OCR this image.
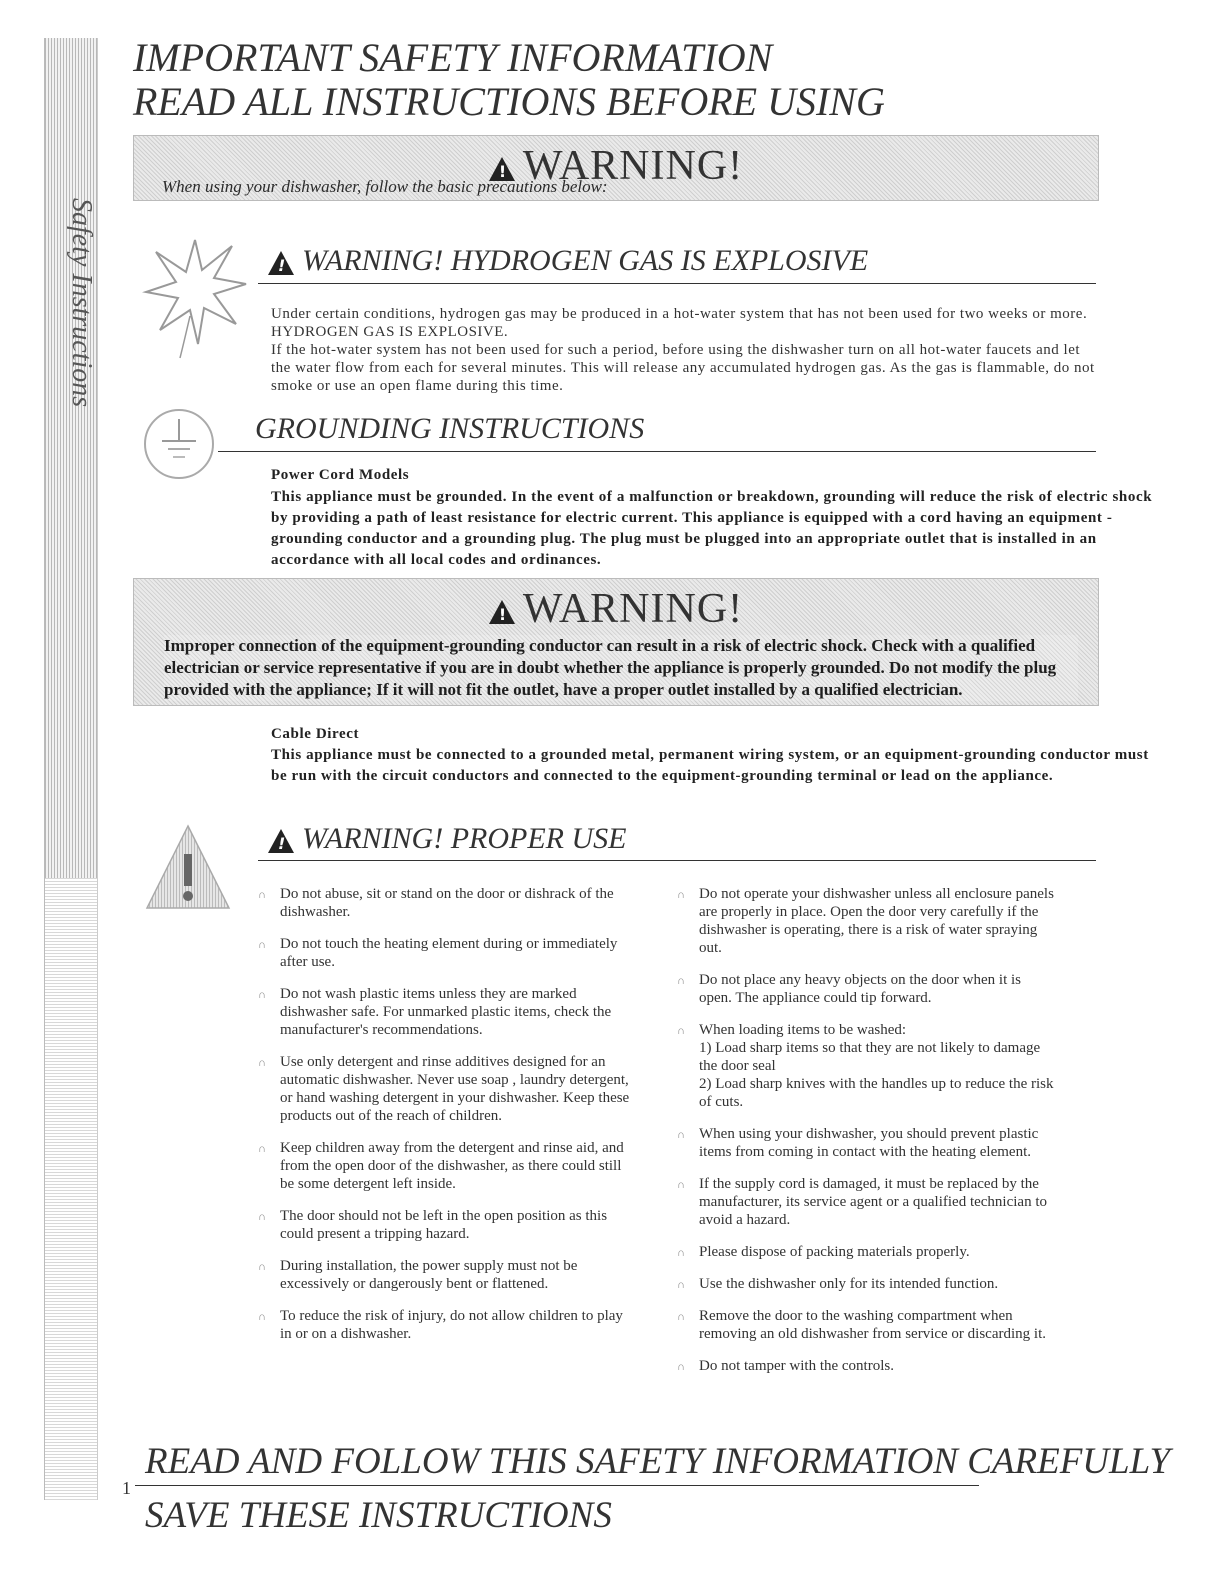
Safety Instructions
IMPORTANT SAFETY INFORMATION
READ ALL INSTRUCTIONS BEFORE USING
!WARNING!
When using your dishwasher, follow the basic precautions below:
!WARNING! HYDROGEN GAS IS EXPLOSIVE
Under certain conditions, hydrogen gas may be produced in a hot-water system that has not been used for two weeks or more. HYDROGEN GAS IS EXPLOSIVE.
If the hot-water system has not been used for such a period, before using the dishwasher turn on all hot-water faucets and let the water flow from each for several minutes. This will release any accumulated hydrogen gas. As the gas is flammable, do not smoke or use an open flame during this time.
GROUNDING INSTRUCTIONS
Power Cord Models
This appliance must be grounded. In the event of a malfunction or breakdown, grounding will reduce the risk of electric shock by providing a path of least resistance for electric current. This appliance is equipped with a cord having an equipment -grounding conductor and a grounding plug. The plug must be plugged into an appropriate outlet that is installed in an accordance with all local codes and ordinances.
!WARNING!
Improper connection of the equipment-grounding conductor can result in a risk of electric shock. Check with a qualified electrician or service representative if you are in doubt whether the appliance is properly grounded. Do not modify the plug provided with the appliance; If it will not fit the outlet, have a proper outlet installed by a qualified electrician.
Cable Direct
This appliance must be connected to a grounded metal, permanent wiring system, or an equipment-grounding conductor must be run with the circuit conductors and connected to the equipment-grounding terminal or lead on the appliance.
!WARNING! PROPER USE
∩ Do not abuse, sit or stand on the door or dishrack of the dishwasher.
∩ Do not touch the heating element during or immediately after use.
∩ Do not wash plastic items unless they are marked dishwasher safe. For unmarked plastic items, check the manufacturer's recommendations.
∩ Use only detergent and rinse additives designed for an automatic dishwasher. Never use soap , laundry detergent, or hand washing detergent in your dishwasher. Keep these products out of the reach of children.
∩ Keep children away from the detergent and rinse aid, and from the open door of the dishwasher, as there could still be some detergent left inside.
∩ The door should not be left in the open position as this could present a tripping hazard.
∩ During installation, the power supply must not be excessively or dangerously bent or flattened.
∩ To reduce the risk of injury, do not allow children to play in or on a dishwasher.
∩ Do not operate your dishwasher unless all enclosure panels are properly in place. Open the door very carefully if the dishwasher is operating, there is a risk of water spraying out.
∩ Do not place any heavy objects on the door when it is open. The appliance could tip forward.
∩ When loading items to be washed:
1) Load sharp items so that they are not likely to damage the door seal
2) Load sharp knives with the handles up to reduce the risk of cuts.
∩ When using your dishwasher, you should prevent plastic items from coming in contact with the heating element.
∩ If the supply cord is damaged, it must be replaced by the manufacturer, its service agent or a qualified technician to avoid a hazard.
∩ Please dispose of packing materials properly.
∩ Use the dishwasher only for its intended function.
∩ Remove the door to the washing compartment when removing an old dishwasher from service or discarding it.
∩ Do not tamper with the controls.
READ AND FOLLOW THIS SAFETY INFORMATION CAREFULLY
1
SAVE THESE INSTRUCTIONS
